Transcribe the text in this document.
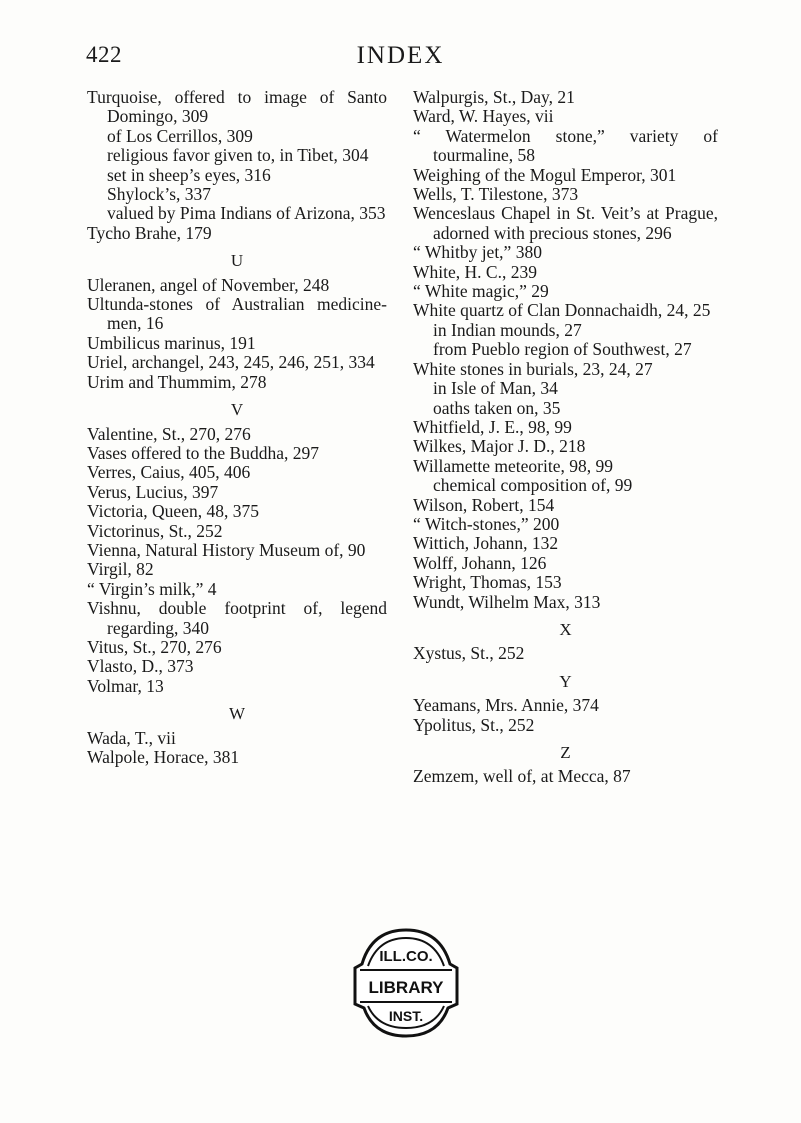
422	INDEX
Turquoise, offered to image of Santo Domingo, 309
of Los Cerrillos, 309
religious favor given to, in Tibet, 304
set in sheep’s eyes, 316
Shylock’s, 337
valued by Pima Indians of Arizona, 353
Tycho Brahe, 179
U
Uleranen, angel of November, 248
Ultunda-stones of Australian medicine-men, 16
Umbilicus marinus, 191
Uriel, archangel, 243, 245, 246, 251, 334
Urim and Thummim, 278
V
Valentine, St., 270, 276
Vases offered to the Buddha, 297
Verres, Caius, 405, 406
Verus, Lucius, 397
Victoria, Queen, 48, 375
Victorinus, St., 252
Vienna, Natural History Museum of, 90
Virgil, 82
“ Virgin’s milk,” 4
Vishnu, double footprint of, legend regarding, 340
Vitus, St., 270, 276
Vlasto, D., 373
Volmar, 13
W
Wada, T., vii
Walpole, Horace, 381
Walpurgis, St., Day, 21
Ward, W. Hayes, vii
“ Watermelon stone,” variety of tourmaline, 58
Weighing of the Mogul Emperor, 301
Wells, T. Tilestone, 373
Wenceslaus Chapel in St. Veit’s at Prague, adorned with precious stones, 296
“ Whitby jet,” 380
White, H. C., 239
“ White magic,” 29
White quartz of Clan Donnachaidh, 24, 25
in Indian mounds, 27
from Pueblo region of Southwest, 27
White stones in burials, 23, 24, 27
in Isle of Man, 34
oaths taken on, 35
Whitfield, J. E., 98, 99
Wilkes, Major J. D., 218
Willamette meteorite, 98, 99
chemical composition of, 99
Wilson, Robert, 154
“ Witch-stones,” 200
Wittich, Johann, 132
Wolff, Johann, 126
Wright, Thomas, 153
Wundt, Wilhelm Max, 313
X
Xystus, St., 252
Y
Yeamans, Mrs. Annie, 374
Ypolitus, St., 252
Z
Zemzem, well of, at Mecca, 87
ILL.CO.
LIBRARY
INST.
